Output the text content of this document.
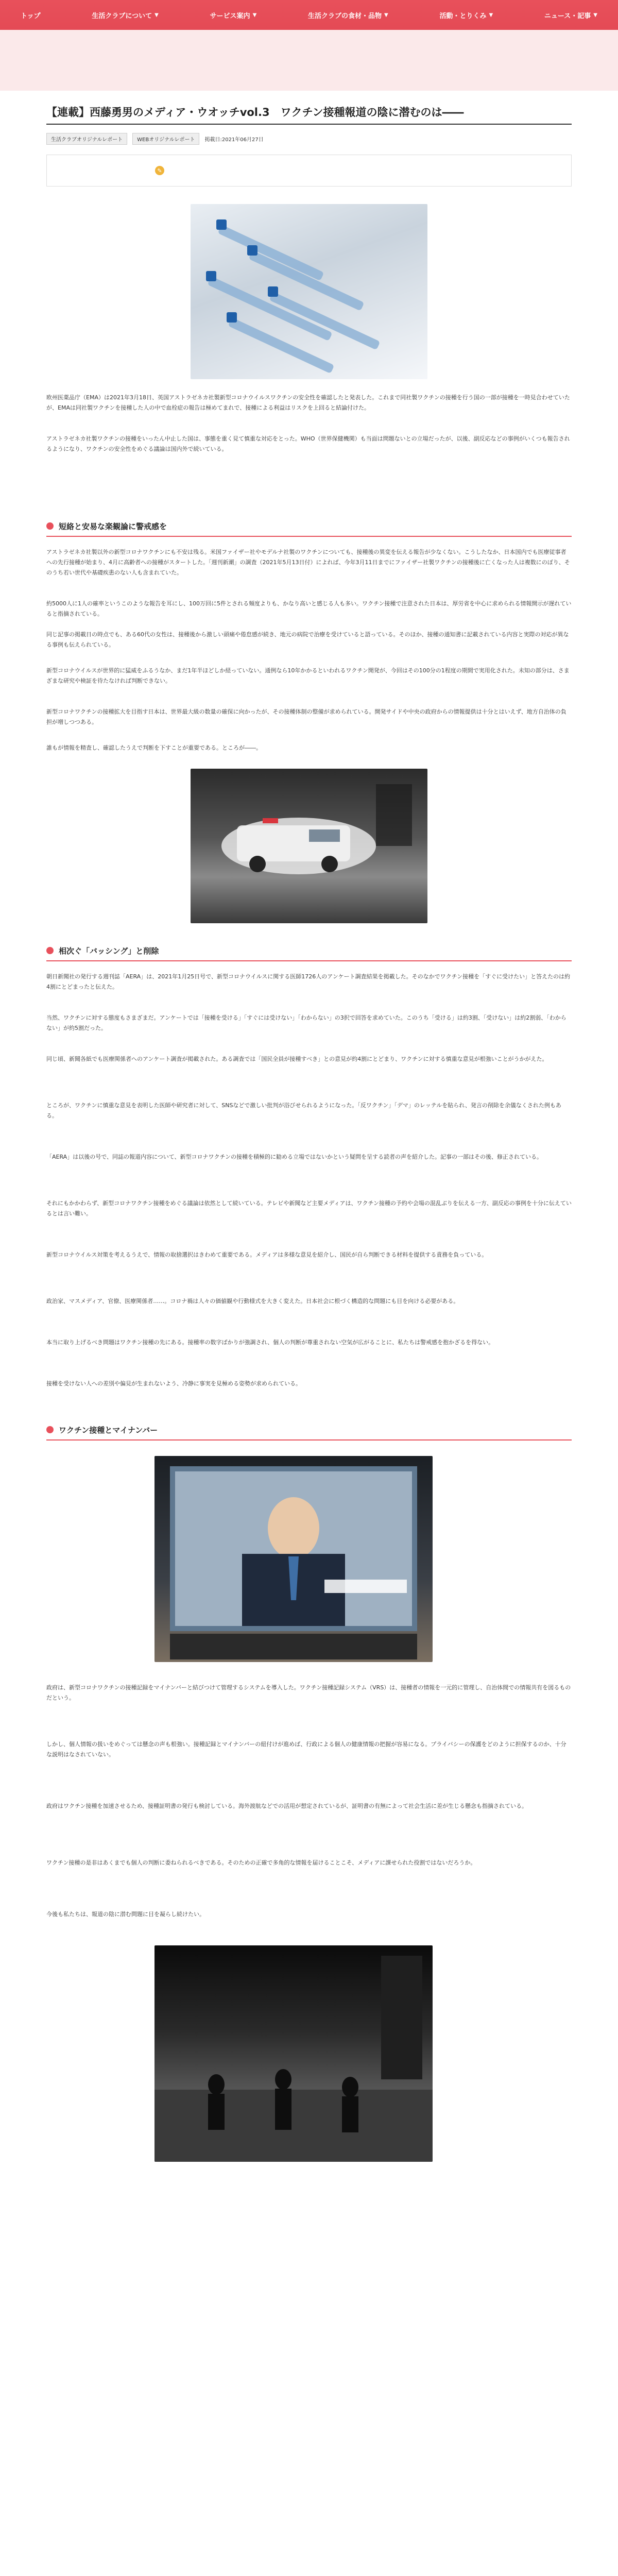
トップ	生活クラブについて ▼	サービス案内 ▼	生活クラブの食材・品物 ▼	活動・とりくみ ▼	ニュース・記事 ▼
【連載】西藤勇男のメディア・ウオッチvol.3　ワクチン接種報道の陰に潜むのは――
生活クラブオリジナルレポート	WEBオリジナルレポート	掲載日:2021年06月27日
✎

欧州医薬品庁（EMA）は2021年3月18日、英国アストラゼネカ社製新型コロナウイルスワクチンの安全性を確認したと発表した。これまで同社製ワクチンの接種を行う国の一部が接種を一時見合わせていたが、EMAは同社製ワクチンを接種した人の中で血栓症の報告は極めてまれで、接種による利益はリスクを上回ると結論付けた。

アストラゼネカ社製ワクチンの接種をいったん中止した国は、事態を重く見て慎重な対応をとった。WHO（世界保健機関）も当面は問題ないとの立場だったが、以後、副反応などの事例がいくつも報告されるようになり、ワクチンの安全性をめぐる議論は国内外で続いている。

短絡と安易な楽観論に警戒感を

アストラゼネカ社製以外の新型コロナワクチンにも不安は残る。米国ファイザー社やモデルナ社製のワクチンについても、接種後の異変を伝える報告が少なくない。こうしたなか、日本国内でも医療従事者への先行接種が始まり、4月に高齢者への接種がスタートした。「週刊新潮」の調査（2021年5月13日付）によれば、今年3月11日までにファイザー社製ワクチンの接種後に亡くなった人は複数にのぼり、そのうち若い世代や基礎疾患のない人も含まれていた。

約5000人に1人の確率というこのような報告を耳にし、100万回に5件とされる頻度よりも、かなり高いと感じる人も多い。ワクチン接種で注意された日本は、厚労省を中心に求められる情報開示が遅れていると指摘されている。

同じ記事の掲載日の時点でも、ある60代の女性は、接種後から激しい頭痛や倦怠感が続き、地元の病院で治療を受けていると語っている。そのほか、接種の通知書に記載されている内容と実際の対応が異なる事例も伝えられている。

新型コロナウイルスが世界的に猛威をふるうなか、まだ1年半ほどしか経っていない。通例なら10年かかるといわれるワクチン開発が、今回はその100分の1程度の期間で実用化された。未知の部分は、さまざまな研究や検証を待たなければ判断できない。

新型コロナワクチンの接種拡大を目指す日本は、世界最大級の数量の確保に向かったが、その接種体制の整備が求められている。開発サイドや中央の政府からの情報提供は十分とはいえず、地方自治体の負担が増しつつある。

誰もが情報を精査し、確認したうえで判断を下すことが重要である。ところが――。

相次ぐ「バッシング」と削除

朝日新聞社の発行する週刊誌「AERA」は、2021年1月25日号で、新型コロナウイルスに関する医師1726人のアンケート調査結果を掲載した。そのなかでワクチン接種を「すぐに受けたい」と答えたのは約4割にとどまったと伝えた。

当然、ワクチンに対する態度もさまざまだ。アンケートでは「接種を受ける」「すぐには受けない」「わからない」の3択で回答を求めていた。このうち「受ける」は約3割、「受けない」は約2割弱、「わからない」が約5割だった。

同じ頃、新聞各紙でも医療関係者へのアンケート調査が掲載された。ある調査では「国民全員が接種すべき」との意見が約4割にとどまり、ワクチンに対する慎重な意見が根強いことがうかがえた。

ところが、ワクチンに慎重な意見を表明した医師や研究者に対して、SNSなどで激しい批判が浴びせられるようになった。「反ワクチン」「デマ」のレッテルを貼られ、発言の削除を余儀なくされた例もある。

「AERA」は以後の号で、同誌の報道内容について、新型コロナワクチンの接種を積極的に勧める立場ではないかという疑問を呈する読者の声を紹介した。記事の一部はその後、修正されている。

それにもかかわらず、新型コロナワクチン接種をめぐる議論は依然として続いている。テレビや新聞など主要メディアは、ワクチン接種の予約や会場の混乱ぶりを伝える一方、副反応の事例を十分に伝えているとは言い難い。

新型コロナウイルス対策を考えるうえで、情報の取捨選択はきわめて重要である。メディアは多様な意見を紹介し、国民が自ら判断できる材料を提供する責務を負っている。

政治家、マスメディア、官僚、医療関係者……。コロナ禍は人々の価値観や行動様式を大きく変えた。日本社会に根づく構造的な問題にも目を向ける必要がある。

本当に取り上げるべき問題はワクチン接種の先にある。接種率の数字ばかりが強調され、個人の判断が尊重されない空気が広がることに、私たちは警戒感を抱かざるを得ない。

接種を受けない人への差別や偏見が生まれないよう、冷静に事実を見極める姿勢が求められている。

ワクチン接種とマイナンバー

政府は、新型コロナワクチンの接種記録をマイナンバーと結びつけて管理するシステムを導入した。ワクチン接種記録システム（VRS）は、接種者の情報を一元的に管理し、自治体間での情報共有を図るものだという。

しかし、個人情報の扱いをめぐっては懸念の声も根強い。接種記録とマイナンバーの紐付けが進めば、行政による個人の健康情報の把握が容易になる。プライバシーの保護をどのように担保するのか、十分な説明はなされていない。

政府はワクチン接種を加速させるため、接種証明書の発行も検討している。海外渡航などでの活用が想定されているが、証明書の有無によって社会生活に差が生じる懸念も指摘されている。

ワクチン接種の是非はあくまでも個人の判断に委ねられるべきである。そのための正確で多角的な情報を届けることこそ、メディアに課せられた役割ではないだろうか。

今後も私たちは、報道の陰に潜む問題に目を凝らし続けたい。
